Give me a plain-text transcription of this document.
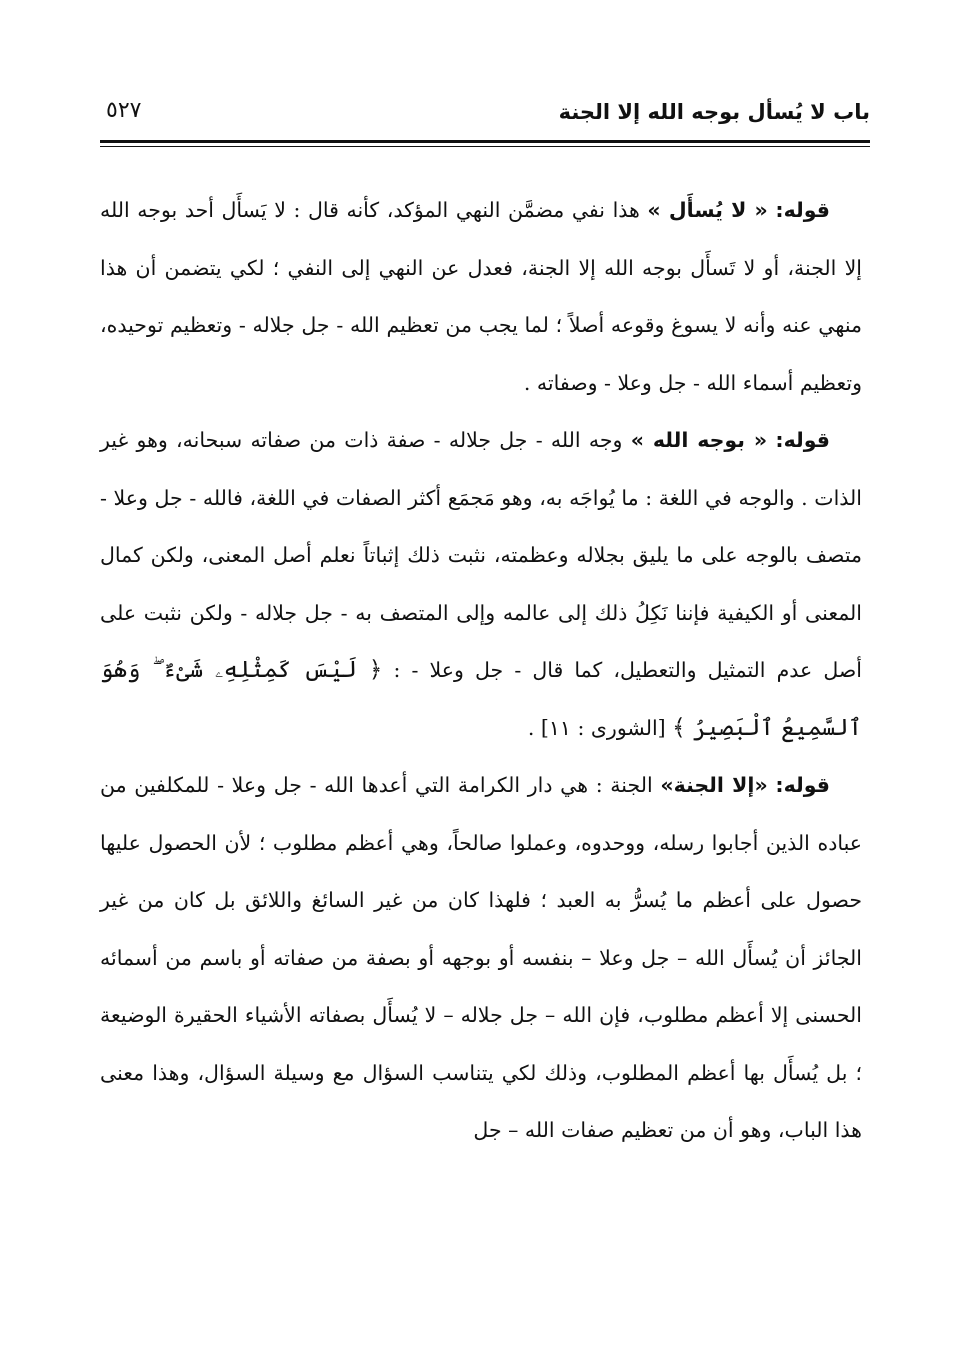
باب لا يُسأل بوجه الله إلا الجنة
٥٢٧

قوله: « لا يُسأَل » هذا نفي مضمَّن النهي المؤكد، كأنه قال : لا يَسأَل أحد بوجه الله إلا الجنة، أو لا تَسأَل بوجه الله إلا الجنة، فعدل عن النهي إلى النفي ؛ لكي يتضمن أن هذا منهي عنه وأنه لا يسوغ وقوعه أصلاً ؛ لما يجب من تعظيم الله - جل جلاله - وتعظيم توحيده، وتعظيم أسماء الله - جل وعلا - وصفاته .

قوله: « بوجه الله » وجه الله - جل جلاله - صفة ذات من صفاته سبحانه، وهو غير الذات . والوجه في اللغة : ما يُواجَه به، وهو مَجمَع أكثر الصفات في اللغة، فالله - جل وعلا - متصف بالوجه على ما يليق بجلاله وعظمته، نثبت ذلك إثباتاً نعلم أصل المعنى، ولكن كمال المعنى أو الكيفية فإننا نَكِلُ ذلك إلى عالمه وإلى المتصف به - جل جلاله - ولكن نثبت على أصل عدم التمثيل والتعطيل، كما قال - جل وعلا - : ﴿ لَيْسَ كَمِثْلِهِۦ شَىْءٌ ۖ وَهُوَ ٱلسَّمِيعُ ٱلْبَصِيرُ ﴾ [الشورى : ١١] .

قوله: «إلا الجنة» الجنة : هي دار الكرامة التي أعدها الله - جل وعلا - للمكلفين من عباده الذين أجابوا رسله، ووحدوه، وعملوا صالحاً، وهي أعظم مطلوب ؛ لأن الحصول عليها حصول على أعظم ما يُسرُّ به العبد ؛ فلهذا كان من غير السائغ واللائق بل كان من غير الجائز أن يُسأَل الله – جل وعلا – بنفسه أو بوجهه أو بصفة من صفاته أو باسم من أسمائه الحسنى إلا أعظم مطلوب، فإن الله – جل جلاله – لا يُسأَل بصفاته الأشياء الحقيرة الوضيعة ؛ بل يُسأَل بها أعظم المطلوب، وذلك لكي يتناسب السؤال مع وسيلة السؤال، وهذا معنى هذا الباب، وهو أن من تعظيم صفات الله – جل
